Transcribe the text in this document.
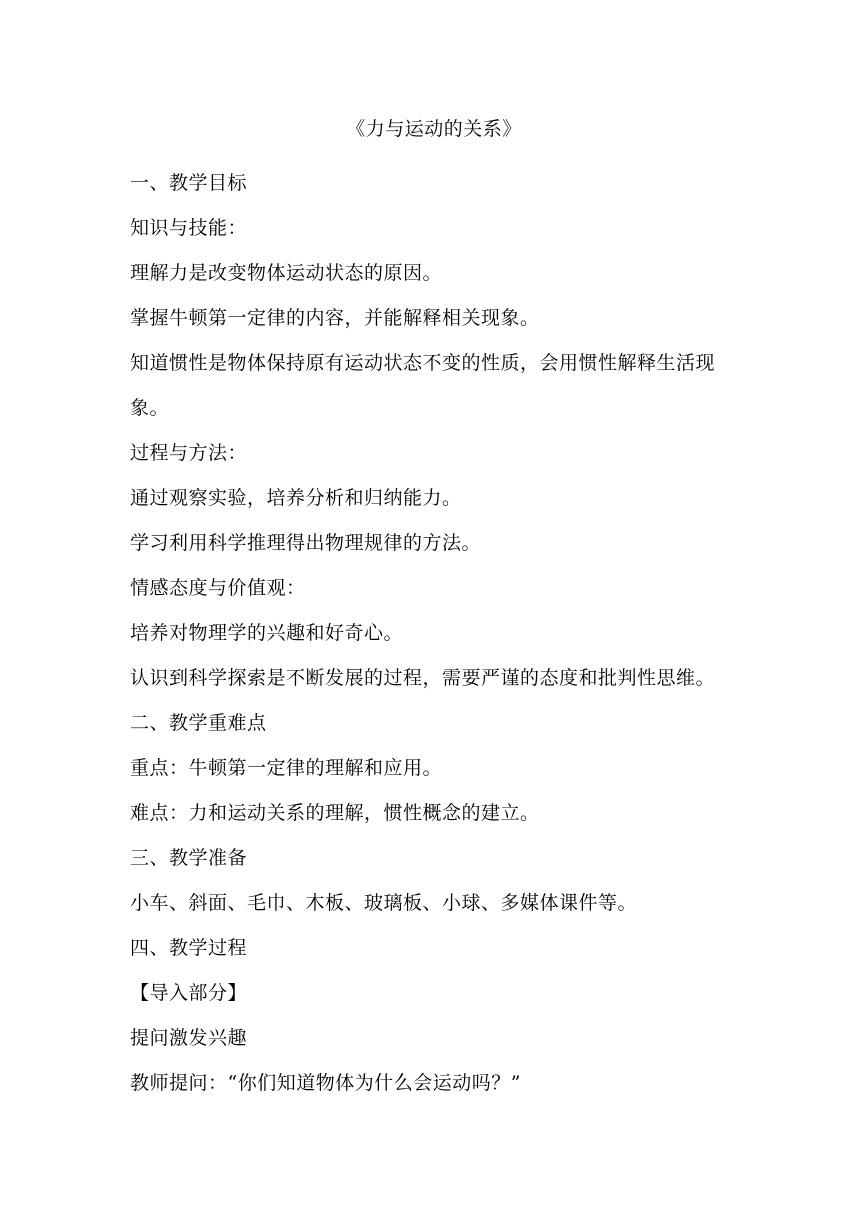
《力与运动的关系》

一、教学目标

知识与技能：

理解力是改变物体运动状态的原因。

掌握牛顿第一定律的内容，并能解释相关现象。

知道惯性是物体保持原有运动状态不变的性质，会用惯性解释生活现

象。

过程与方法：

通过观察实验，培养分析和归纳能力。

学习利用科学推理得出物理规律的方法。

情感态度与价值观：

培养对物理学的兴趣和好奇心。

认识到科学探索是不断发展的过程，需要严谨的态度和批判性思维。

二、教学重难点

重点：牛顿第一定律的理解和应用。

难点：力和运动关系的理解，惯性概念的建立。

三、教学准备

小车、斜面、毛巾、木板、玻璃板、小球、多媒体课件等。

四、教学过程

【导入部分】

提问激发兴趣

教师提问：“你们知道物体为什么会运动吗？”
